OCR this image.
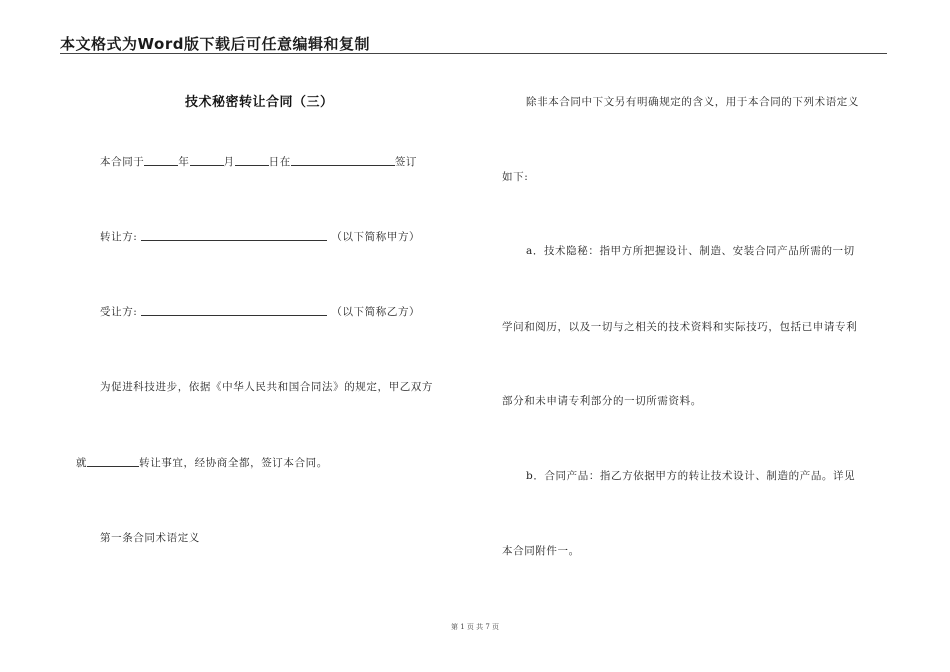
本文格式为Word版下载后可任意编辑和复制
技术秘密转让合同（三）
本合同于	年	月	日在	签订
转让方:	（以下简称甲方）
受让方:	（以下简称乙方）
为促进科技进步，依据《中华人民共和国合同法》的规定，甲乙双方
就	转让事宜，经协商全都，签订本合同。
第一条合同术语定义
除非本合同中下文另有明确规定的含义，用于本合同的下列术语定义
如下:
a．技术隐秘：指甲方所把握设计、制造、安装合同产品所需的一切
学问和阅历，以及一切与之相关的技术资料和实际技巧，包括已申请专利
部分和未申请专利部分的一切所需资料。
b．合同产品：指乙方依据甲方的转让技术设计、制造的产品。详见
本合同附件一。
第 1 页 共 7 页
